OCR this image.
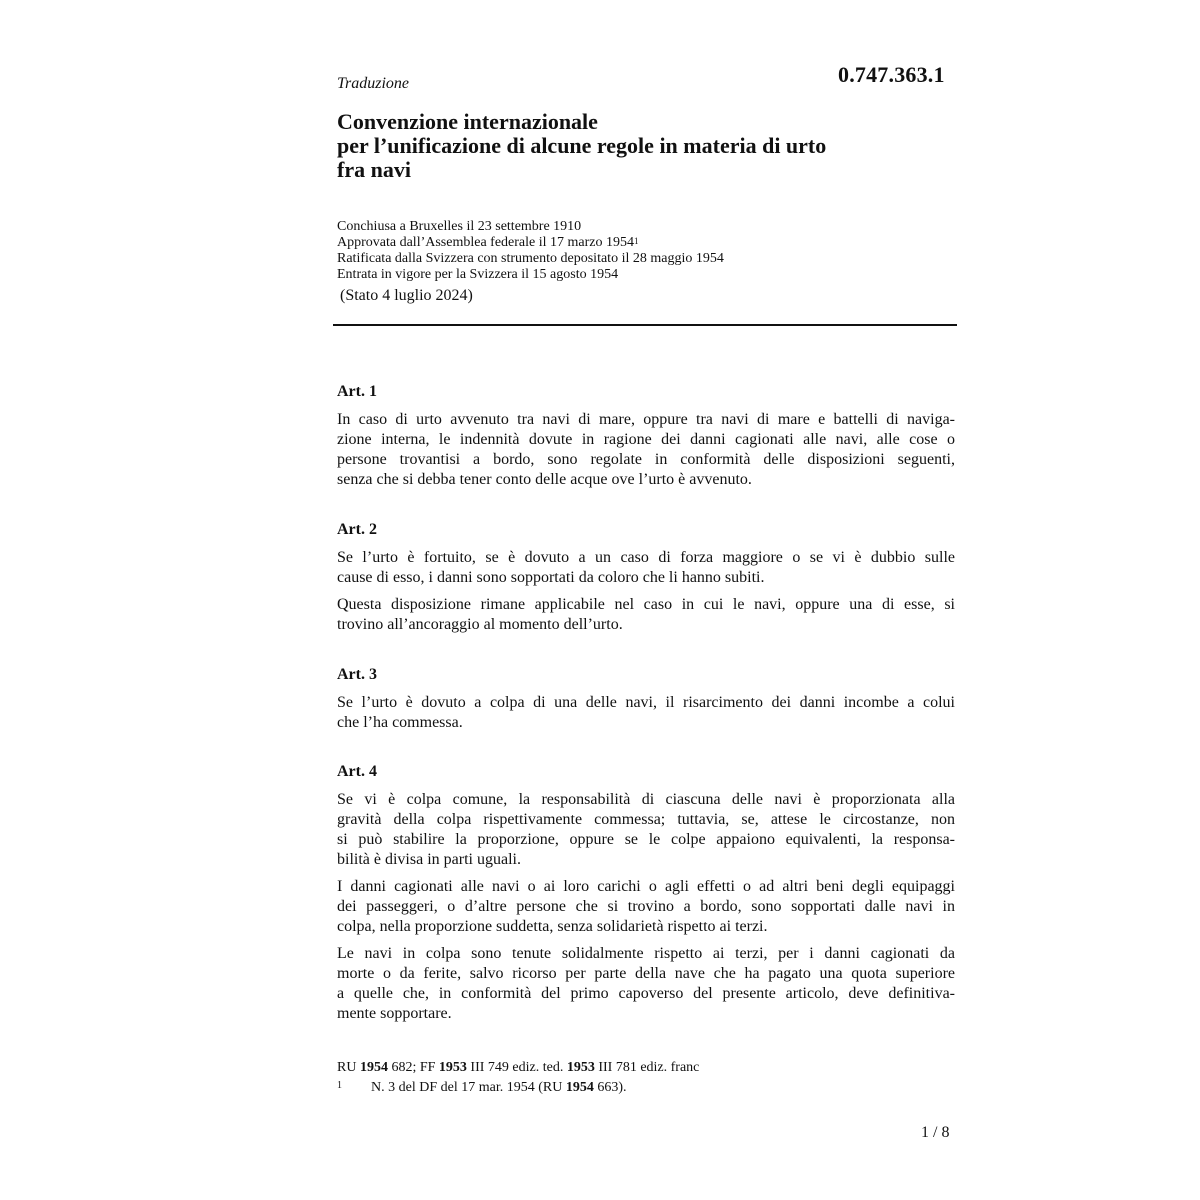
0.747.363.1
Traduzione
Convenzione internazionale
per l’unificazione di alcune regole in materia di urto
fra navi
Conchiusa a Bruxelles il 23 settembre 1910
Approvata dall’Assemblea federale il 17 marzo 1954$^1$
Ratificata dalla Svizzera con strumento depositato il 28 maggio 1954
Entrata in vigore per la Svizzera il 15 agosto 1954
(Stato 4 luglio 2024)
Art. 1
In caso di urto avvenuto tra navi di mare, oppure tra navi di mare e battelli di naviga-
zione interna, le indennità dovute in ragione dei danni cagionati alle navi, alle cose o
persone trovantisi a bordo, sono regolate in conformità delle disposizioni seguenti,
senza che si debba tener conto delle acque ove l’urto è avvenuto.
Art. 2
Se l’urto è fortuito, se è dovuto a un caso di forza maggiore o se vi è dubbio sulle
cause di esso, i danni sono sopportati da coloro che li hanno subiti.
Questa disposizione rimane applicabile nel caso in cui le navi, oppure una di esse, si
trovino all’ancoraggio al momento dell’urto.
Art. 3
Se l’urto è dovuto a colpa di una delle navi, il risarcimento dei danni incombe a colui
che l’ha commessa.
Art. 4
Se vi è colpa comune, la responsabilità di ciascuna delle navi è proporzionata alla
gravità della colpa rispettivamente commessa; tuttavia, se, attese le circostanze, non
si può stabilire la proporzione, oppure se le colpe appaiono equivalenti, la responsa-
bilità è divisa in parti uguali.
I danni cagionati alle navi o ai loro carichi o agli effetti o ad altri beni degli equipaggi
dei passeggeri, o d’altre persone che si trovino a bordo, sono sopportati dalle navi in
colpa, nella proporzione suddetta, senza solidarietà rispetto ai terzi.
Le navi in colpa sono tenute solidalmente rispetto ai terzi, per i danni cagionati da
morte o da ferite, salvo ricorso per parte della nave che ha pagato una quota superiore
a quelle che, in conformità del primo capoverso del presente articolo, deve definitiva-
mente sopportare.
RU 1954 682; FF 1953 III 749 ediz. ted. 1953 III 781 ediz. franc
1 N. 3 del DF del 17 mar. 1954 (RU 1954 663).
1 / 8
